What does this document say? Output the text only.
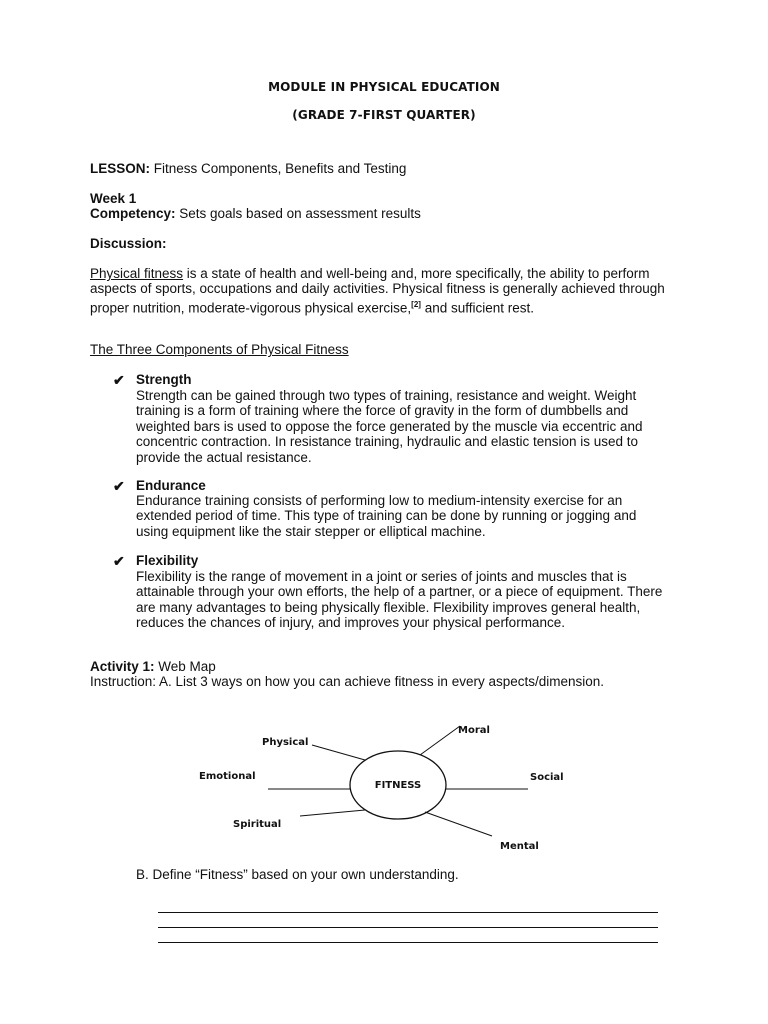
MODULE IN PHYSICAL EDUCATION

(GRADE 7-FIRST QUARTER)

LESSON: Fitness Components, Benefits and Testing

Week 1

Competency: Sets goals based on assessment results

Discussion:

Physical fitness is a state of health and well-being and, more specifically, the ability to perform aspects of sports, occupations and daily activities. Physical fitness is generally achieved through proper nutrition, moderate-vigorous physical exercise,[2] and sufficient rest.

The Three Components of Physical Fitness

✔ Strength

Strength can be gained through two types of training, resistance and weight. Weight training is a form of training where the force of gravity in the form of dumbbells and weighted bars is used to oppose the force generated by the muscle via eccentric and concentric contraction. In resistance training, hydraulic and elastic tension is used to provide the actual resistance.

✔ Endurance

Endurance training consists of performing low to medium-intensity exercise for an extended period of time. This type of training can be done by running or jogging and using equipment like the stair stepper or elliptical machine.

✔ Flexibility

Flexibility is the range of movement in a joint or series of joints and muscles that is attainable through your own efforts, the help of a partner, or a piece of equipment. There are many advantages to being physically flexible. Flexibility improves general health, reduces the chances of injury, and improves your physical performance.

Activity 1: Web Map

Instruction: A. List 3 ways on how you can achieve fitness in every aspects/dimension.

FITNESS
Physical
Moral
Emotional	Social
Spiritual
Mental

B. Define “Fitness” based on your own understanding.
